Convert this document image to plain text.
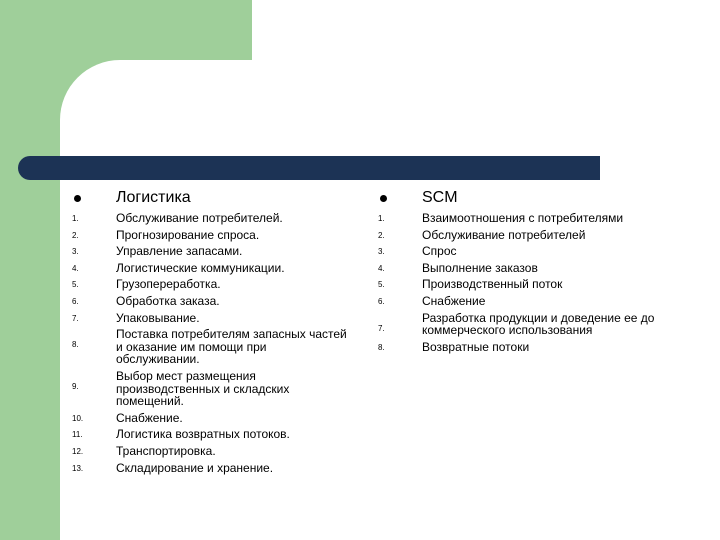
Логистика
1.	Обслуживание потребителей.
2.	Прогнозирование спроса.
3.	Управление запасами.
4.	Логистические коммуникации.
5.	Грузопереработка.
6.	Обработка заказа.
7.	Упаковывание.
8.
Поставка потребителям запасных частей и оказание им помощи при обслуживании.
9.
Выбор мест размещения производственных и складских помещений.
10.	Снабжение.
11.	Логистика возвратных потоков.
12.	Транспортировка.
13.	Складирование и хранение.
SCM
1.	Взаимоотношения с потребителями
2.	Обслуживание потребителей
3.	Спрос
4.	Выполнение заказов
5.	Производственный поток
6.	Снабжение
7.
Разработка продукции и доведение ее до коммерческого использования
8.	Возвратные потоки
